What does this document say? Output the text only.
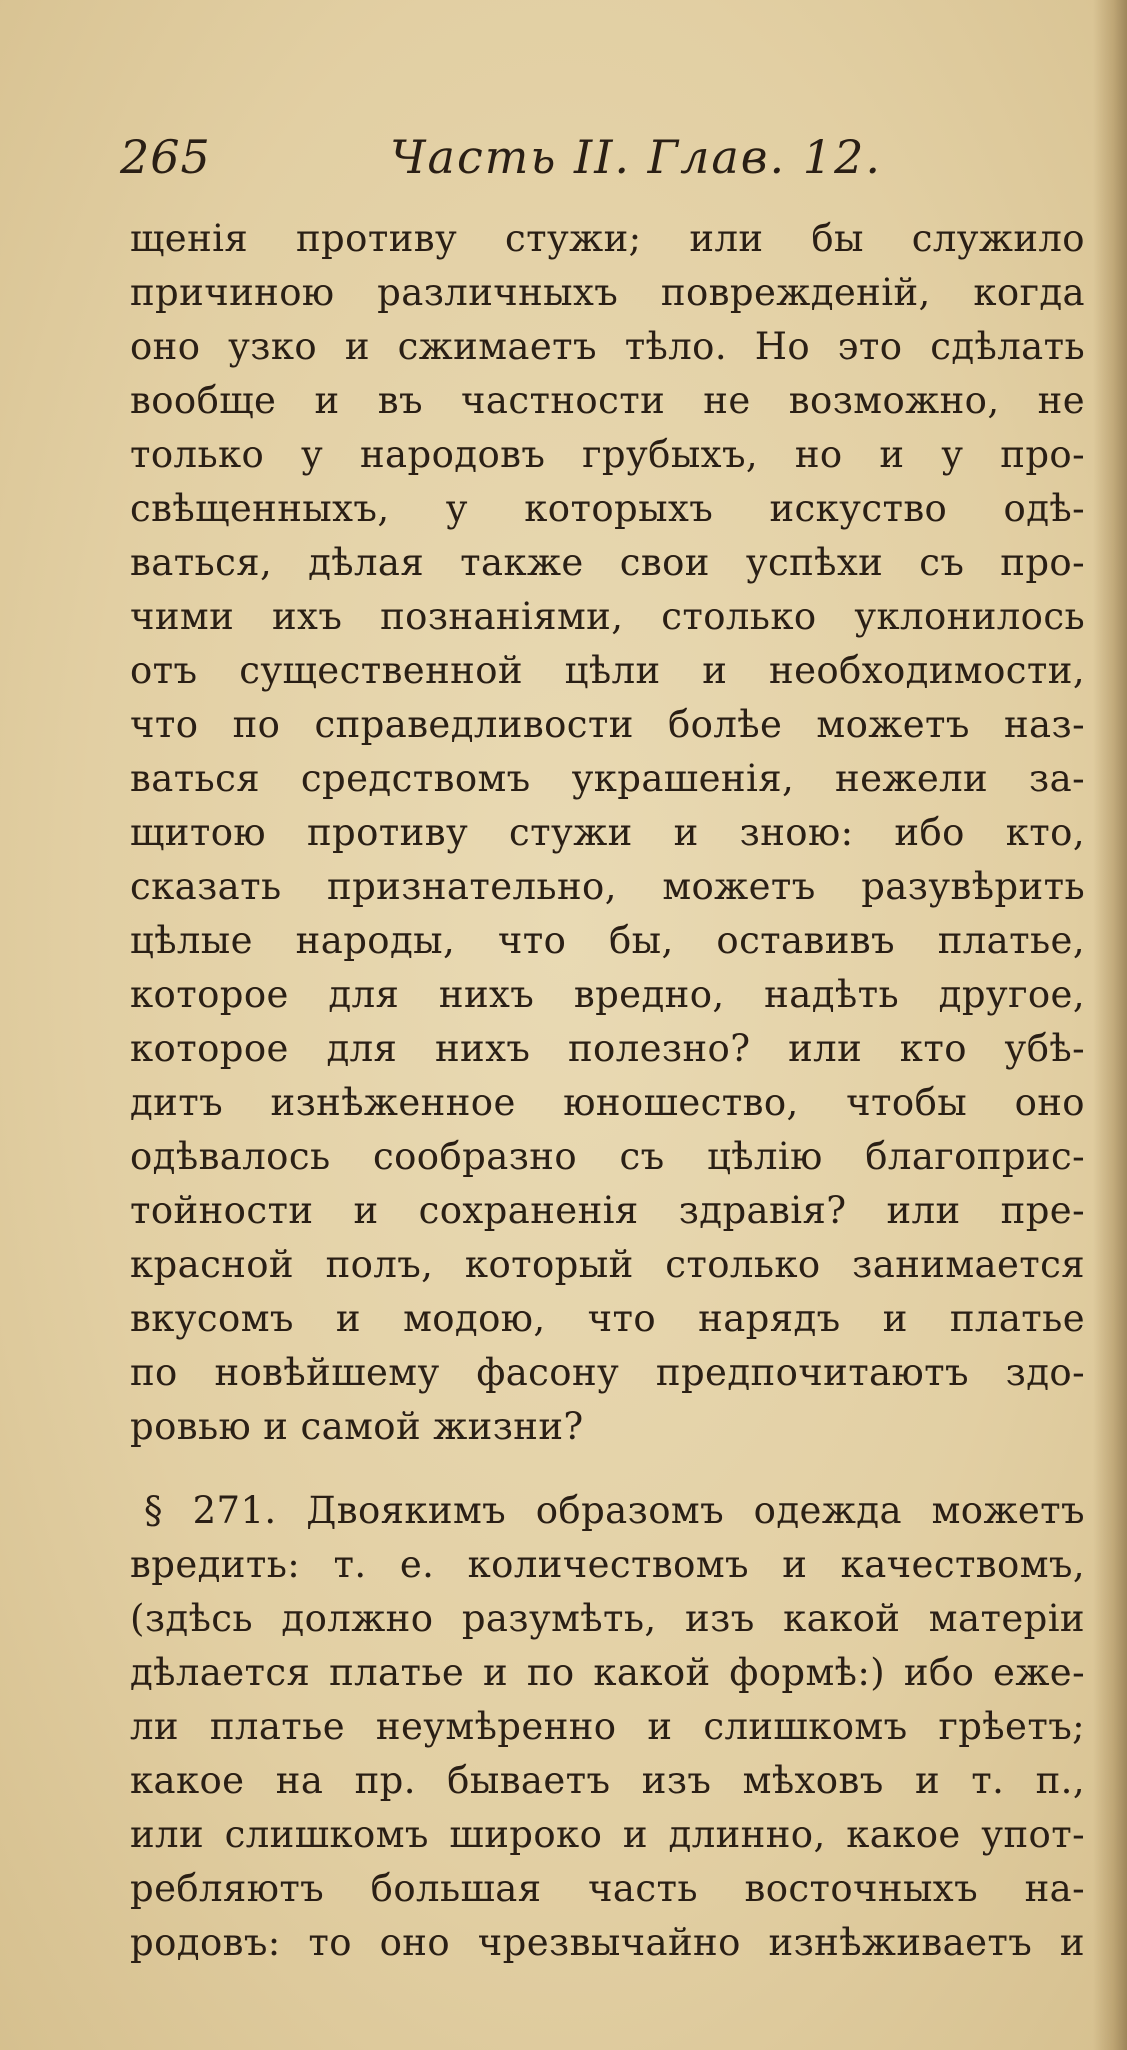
265	Часть II. Глав. 12.
щенія противу стужи; или бы служило
причиною различныхъ поврежденій, когда
оно узко и сжимаетъ тѣло. Но это сдѣлать
вообще и въ частности не возможно, не
только у народовъ грубыхъ, но и у про-
свѣщенныхъ, у которыхъ искуство одѣ-
ваться, дѣлая также свои успѣхи съ про-
чими ихъ познаніями, столько уклонилось
отъ существенной цѣли и необходимости,
что по справедливости болѣе можетъ наз-
ваться средствомъ украшенія, нежели за-
щитою противу стужи и зною: ибо кто,
сказать признательно, можетъ разувѣрить
цѣлые народы, что бы, оставивъ платье,
которое для нихъ вредно, надѣть другое,
которое для нихъ полезно? или кто убѣ-
дитъ изнѣженное юношество, чтобы оно
одѣвалось сообразно съ цѣлію благоприс-
тойности и сохраненія здравія? или пре-
красной полъ, который столько занимается
вкусомъ и модою, что нарядъ и платье
по новѣйшему фасону предпочитаютъ здо-
ровью и самой жизни?
§ 271. Двоякимъ образомъ одежда можетъ
вредить: т. е. количествомъ и качествомъ,
(здѣсь должно разумѣть, изъ какой матеріи
дѣлается платье и по какой формѣ:) ибо еже-
ли платье неумѣренно и слишкомъ грѣетъ;
какое на пр. бываетъ изъ мѣховъ и т. п.,
или слишкомъ широко и длинно, какое упот-
ребляютъ большая часть восточныхъ на-
родовъ: то оно чрезвычайно изнѣживаетъ и
